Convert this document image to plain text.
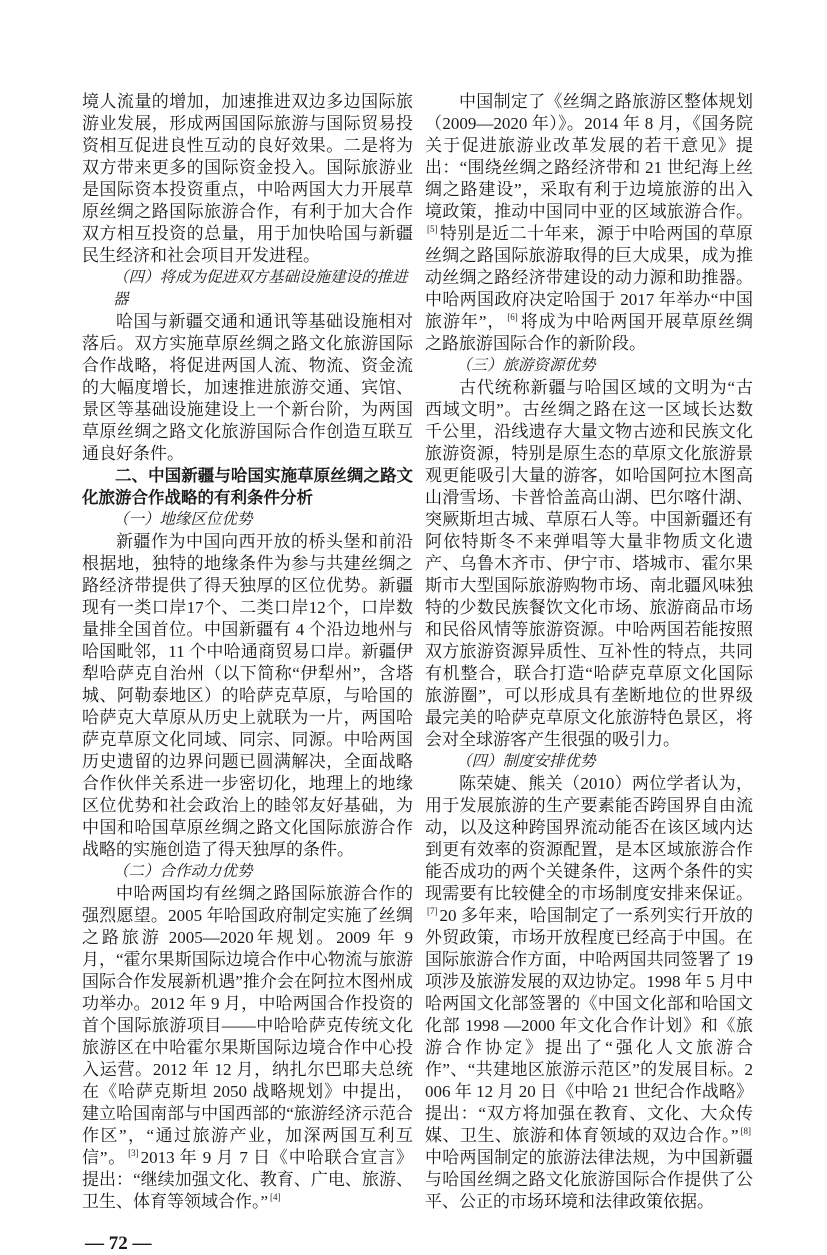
境人流量的增加，加速推进双边多边国际旅游业发展，形成两国国际旅游与国际贸易投资相互促进良性互动的良好效果。二是将为双方带来更多的国际资金投入。国际旅游业是国际资本投资重点，中哈两国大力开展草原丝绸之路国际旅游合作，有利于加大合作双方相互投资的总量，用于加快哈国与新疆民生经济和社会项目开发进程。
（四）将成为促进双方基础设施建设的推进器
哈国与新疆交通和通讯等基础设施相对落后。双方实施草原丝绸之路文化旅游国际合作战略，将促进两国人流、物流、资金流的大幅度增长，加速推进旅游交通、宾馆、景区等基础设施建设上一个新台阶，为两国草原丝绸之路文化旅游国际合作创造互联互通良好条件。
二、中国新疆与哈国实施草原丝绸之路文化旅游合作战略的有利条件分析
（一）地缘区位优势
新疆作为中国向西开放的桥头堡和前沿根据地，独特的地缘条件为参与共建丝绸之路经济带提供了得天独厚的区位优势。新疆现有一类口岸17个、二类口岸12个，口岸数量排全国首位。中国新疆有 4 个沿边地州与哈国毗邻，11 个中哈通商贸易口岸。新疆伊犁哈萨克自治州（以下简称“伊犁州”，含塔城、阿勒泰地区）的哈萨克草原，与哈国的哈萨克大草原从历史上就联为一片，两国哈萨克草原文化同域、同宗、同源。中哈两国历史遗留的边界问题已圆满解决，全面战略合作伙伴关系进一步密切化，地理上的地缘区位优势和社会政治上的睦邻友好基础，为中国和哈国草原丝绸之路文化国际旅游合作战略的实施创造了得天独厚的条件。
（二）合作动力优势
中哈两国均有丝绸之路国际旅游合作的强烈愿望。2005 年哈国政府制定实施了丝绸之路旅游 2005—2020年规划。2009 年 9 月，“霍尔果斯国际边境合作中心物流与旅游国际合作发展新机遇”推介会在阿拉木图州成功举办。2012 年 9 月，中哈两国合作投资的首个国际旅游项目——中哈哈萨克传统文化旅游区在中哈霍尔果斯国际边境合作中心投入运营。2012 年 12 月，纳扎尔巴耶夫总统在《哈萨克斯坦 2050 战略规划》中提出，建立哈国南部与中国西部的“旅游经济示范合作区”，“通过旅游产业，加深两国互利互信”。 [3] 2013 年 9 月 7 日《中哈联合宣言》提出：“继续加强文化、教育、广电、旅游、卫生、体育等领域合作。” [4]
— 72 —
中国制定了《丝绸之路旅游区整体规划（2009—2020 年）》。2014 年 8 月，《国务院关于促进旅游业改革发展的若干意见》提出：“围绕丝绸之路经济带和 21 世纪海上丝绸之路建设”，采取有利于边境旅游的出入境政策，推动中国同中亚的区域旅游合作。[5] 特别是近二十年来，源于中哈两国的草原丝绸之路国际旅游取得的巨大成果，成为推动丝绸之路经济带建设的动力源和助推器。中哈两国政府决定哈国于 2017 年举办“中国旅游年”， [6] 将成为中哈两国开展草原丝绸之路旅游国际合作的新阶段。
（三）旅游资源优势
古代统称新疆与哈国区域的文明为“古西域文明”。古丝绸之路在这一区域长达数千公里，沿线遗存大量文物古迹和民族文化旅游资源，特别是原生态的草原文化旅游景观更能吸引大量的游客，如哈国阿拉木图高山滑雪场、卡普恰盖高山湖、巴尔喀什湖、突厥斯坦古城、草原石人等。中国新疆还有阿依特斯冬不来弹唱等大量非物质文化遗产、乌鲁木齐市、伊宁市、塔城市、霍尔果斯市大型国际旅游购物市场、南北疆风味独特的少数民族餐饮文化市场、旅游商品市场和民俗风情等旅游资源。中哈两国若能按照双方旅游资源异质性、互补性的特点，共同有机整合，联合打造“哈萨克草原文化国际旅游圈”，可以形成具有垄断地位的世界级最完美的哈萨克草原文化旅游特色景区，将会对全球游客产生很强的吸引力。
（四）制度安排优势
陈荣婕、熊关（2010）两位学者认为，用于发展旅游的生产要素能否跨国界自由流动，以及这种跨国界流动能否在该区域内达到更有效率的资源配置，是本区域旅游合作能否成功的两个关键条件，这两个条件的实现需要有比较健全的市场制度安排来保证。[7] 20 多年来，哈国制定了一系列实行开放的外贸政策，市场开放程度已经高于中国。在国际旅游合作方面，中哈两国共同签署了 19 项涉及旅游发展的双边协定。1998 年 5 月中哈两国文化部签署的《中国文化部和哈国文化部 1998 —2000 年文化合作计划》和《旅游合作协定》提出了“强化人文旅游合作”、“共建地区旅游示范区”的发展目标。2006 年 12 月 20 日《中哈 21 世纪合作战略》提出：“双方将加强在教育、文化、大众传媒、卫生、旅游和体育领域的双边合作。” [8]中哈两国制定的旅游法律法规，为中国新疆与哈国丝绸之路文化旅游国际合作提供了公平、公正的市场环境和法律政策依据。
